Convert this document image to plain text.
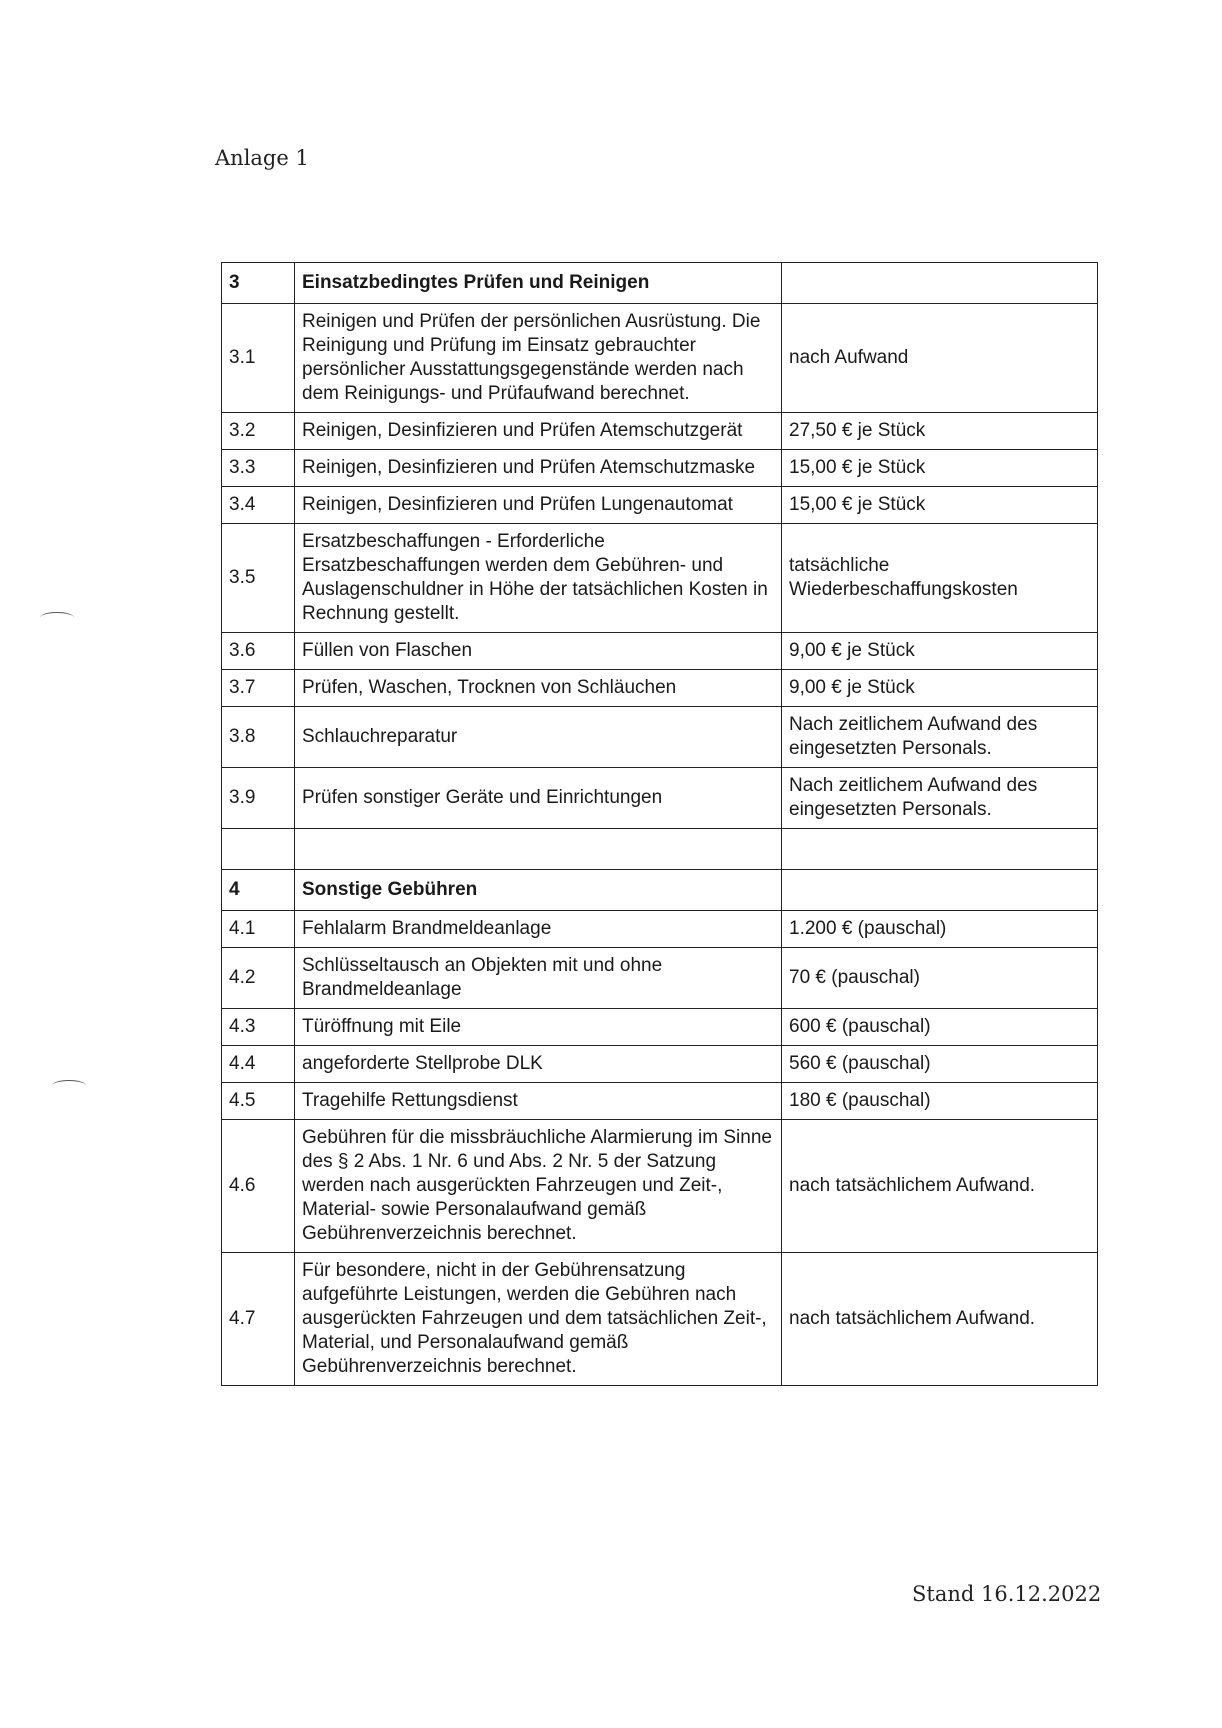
Anlage 1
3	Einsatzbedingtes Prüfen und Reinigen	
3.1	Reinigen und Prüfen der persönlichen Ausrüstung. Die Reinigung und Prüfung im Einsatz gebrauchter persönlicher Ausstattungsgegenstände werden nach dem Reinigungs- und Prüfaufwand berechnet.	nach Aufwand
3.2	Reinigen, Desinfizieren und Prüfen Atemschutzgerät	27,50 € je Stück
3.3	Reinigen, Desinfizieren und Prüfen Atemschutzmaske	15,00 € je Stück
3.4	Reinigen, Desinfizieren und Prüfen Lungenautomat	15,00 € je Stück
3.5	Ersatzbeschaffungen - Erforderliche Ersatzbeschaffungen werden dem Gebühren- und Auslagenschuldner in Höhe der tatsächlichen Kosten in Rechnung gestellt.	tatsächliche Wiederbeschaffungskosten
3.6	Füllen von Flaschen	9,00 € je Stück
3.7	Prüfen, Waschen, Trocknen von Schläuchen	9,00 € je Stück
3.8	Schlauchreparatur	Nach zeitlichem Aufwand des eingesetzten Personals.
3.9	Prüfen sonstiger Geräte und Einrichtungen	Nach zeitlichem Aufwand des eingesetzten Personals.

4	Sonstige Gebühren	
4.1	Fehlalarm Brandmeldeanlage	1.200 € (pauschal)
4.2	Schlüsseltausch an Objekten mit und ohne Brandmeldeanlage	70 € (pauschal)
4.3	Türöffnung mit Eile	600 € (pauschal)
4.4	angeforderte Stellprobe DLK	560 € (pauschal)
4.5	Tragehilfe Rettungsdienst	180 € (pauschal)
4.6	Gebühren für die missbräuchliche Alarmierung im Sinne des § 2 Abs. 1 Nr. 6 und Abs. 2 Nr. 5 der Satzung werden nach ausgerückten Fahrzeugen und Zeit-, Material- sowie Personalaufwand gemäß Gebührenverzeichnis berechnet.	nach tatsächlichem Aufwand.
4.7	Für besondere, nicht in der Gebührensatzung aufgeführte Leistungen, werden die Gebühren nach ausgerückten Fahrzeugen und dem tatsächlichen Zeit-, Material, und Personalaufwand gemäß Gebührenverzeichnis berechnet.	nach tatsächlichem Aufwand.
Stand 16.12.2022
